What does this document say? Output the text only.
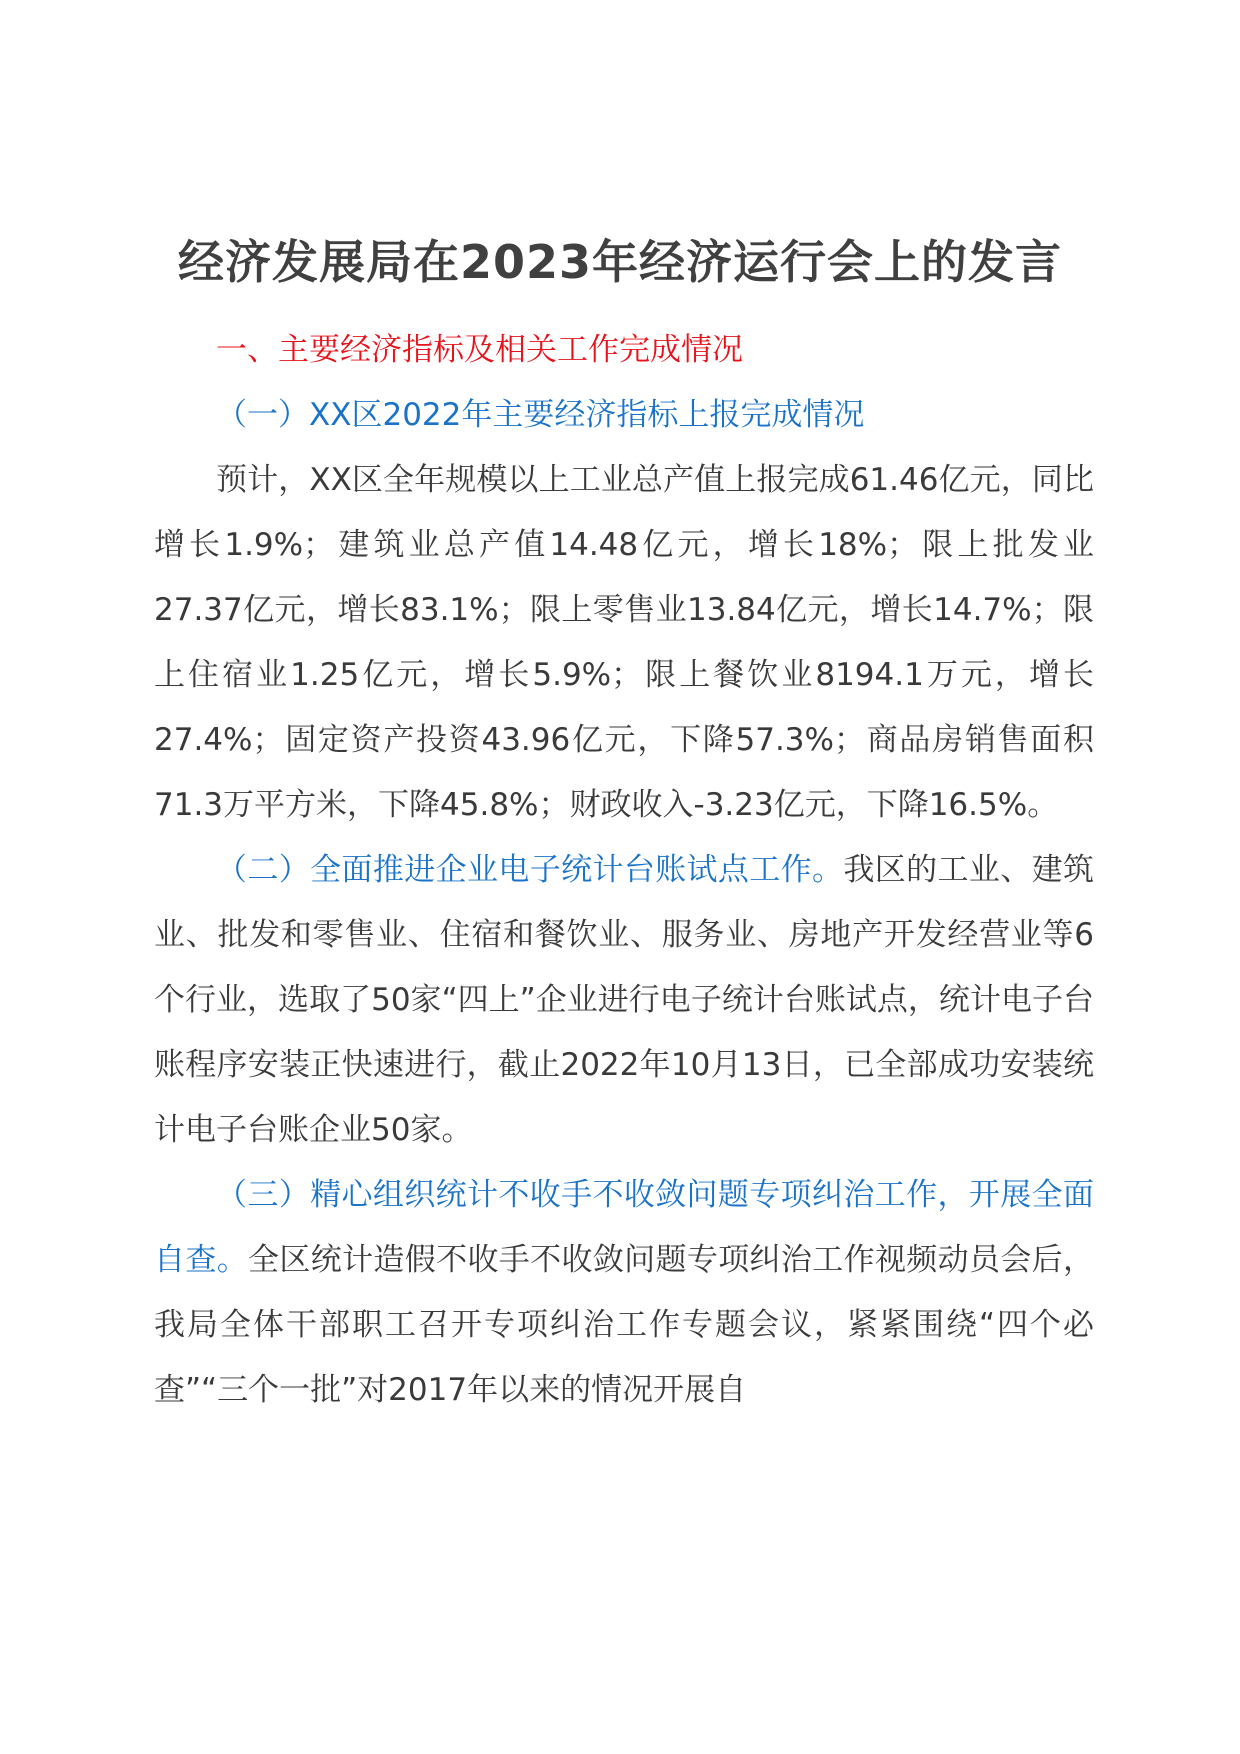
经济发展局在2023年经济运行会上的发言

一、主要经济指标及相关工作完成情况

（一）XX区2022年主要经济指标上报完成情况

预计，XX区全年规模以上工业总产值上报完成61.46亿元，同比增长1.9%；建筑业总产值14.48亿元，增长18%；限上批发业27.37亿元，增长83.1%；限上零售业13.84亿元，增长14.7%；限上住宿业1.25亿元，增长5.9%；限上餐饮业8194.1万元，增长27.4%；固定资产投资43.96亿元，下降57.3%；商品房销售面积71.3万平方米，下降45.8%；财政收入-3.23亿元，下降16.5%。

（二）全面推进企业电子统计台账试点工作。我区的工业、建筑业、批发和零售业、住宿和餐饮业、服务业、房地产开发经营业等6个行业，选取了50家“四上”企业进行电子统计台账试点，统计电子台账程序安装正快速进行，截止2022年10月13日，已全部成功安装统计电子台账企业50家。

（三）精心组织统计不收手不收敛问题专项纠治工作，开展全面自查。全区统计造假不收手不收敛问题专项纠治工作视频动员会后，我局全体干部职工召开专项纠治工作专题会议，紧紧围绕“四个必查”“三个一批”对2017年以来的情况开展自
